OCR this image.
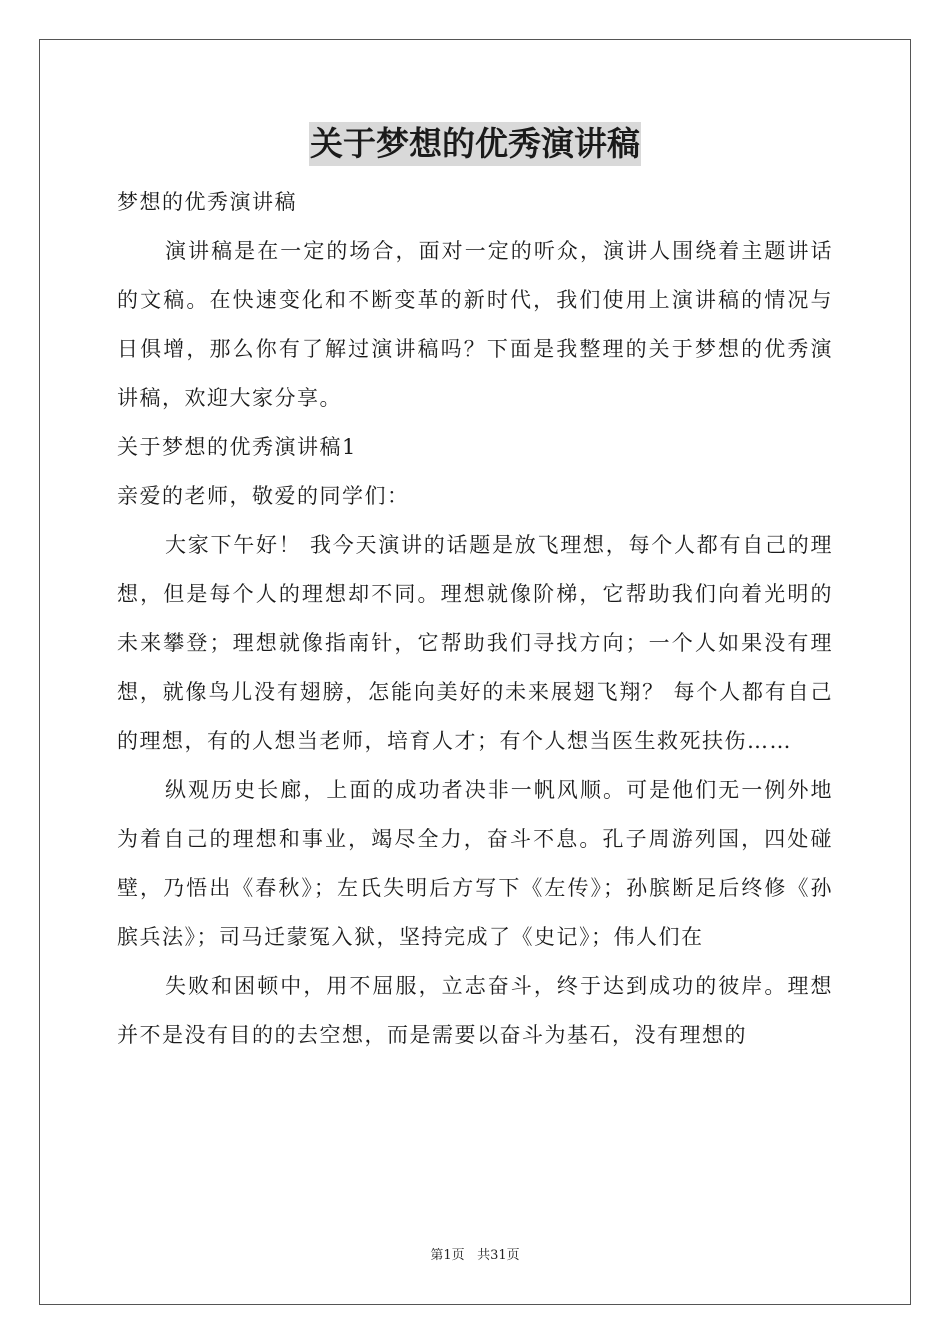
关于梦想的优秀演讲稿

梦想的优秀演讲稿

演讲稿是在一定的场合，面对一定的听众，演讲人围绕着主题讲话的文稿。在快速变化和不断变革的新时代，我们使用上演讲稿的情况与日俱增，那么你有了解过演讲稿吗？下面是我整理的关于梦想的优秀演讲稿，欢迎大家分享。

关于梦想的优秀演讲稿1

亲爱的老师，敬爱的同学们：

大家下午好！ 我今天演讲的话题是放飞理想，每个人都有自己的理想，但是每个人的理想却不同。理想就像阶梯，它帮助我们向着光明的未来攀登；理想就像指南针，它帮助我们寻找方向；一个人如果没有理想，就像鸟儿没有翅膀，怎能向美好的未来展翅飞翔？ 每个人都有自己的理想，有的人想当老师，培育人才；有个人想当医生救死扶伤……

纵观历史长廊，上面的成功者决非一帆风顺。可是他们无一例外地为着自己的理想和事业，竭尽全力，奋斗不息。孔子周游列国，四处碰壁，乃悟出《春秋》；左氏失明后方写下《左传》；孙膑断足后终修《孙膑兵法》；司马迁蒙冤入狱，坚持完成了《史记》；伟人们在

失败和困顿中，用不屈服，立志奋斗，终于达到成功的彼岸。理想并不是没有目的的去空想，而是需要以奋斗为基石，没有理想的

第1页 共31页
